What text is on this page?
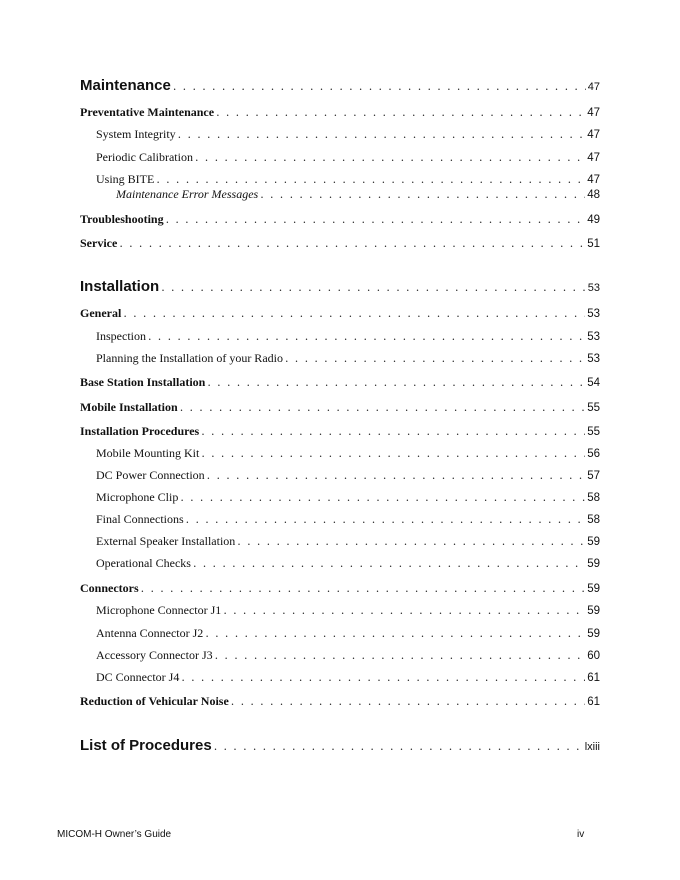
Maintenance . . .	47
Preventative Maintenance . . .	47
System Integrity . . .	47
Periodic Calibration . . .	47
Using BITE . . .	47
Maintenance Error Messages . . .	48
Troubleshooting . . .	49
Service . . .	51
Installation . . .	53
General . . .	53
Inspection . . .	53
Planning the Installation of your Radio . . .	53
Base Station Installation . . .	54
Mobile Installation . . .	55
Installation Procedures . . .	55
Mobile Mounting Kit . . .	56
DC Power Connection . . .	57
Microphone Clip . . .	58
Final Connections . . .	58
External Speaker Installation . . .	59
Operational Checks . . .	59
Connectors . . .	59
Microphone Connector J1 . . .	59
Antenna Connector J2 . . .	59
Accessory Connector J3 . . .	60
DC Connector J4 . . .	61
Reduction of Vehicular Noise . . .	61
List of Procedures . . .	lxiii
MICOM-H Owner’s Guide	iv
